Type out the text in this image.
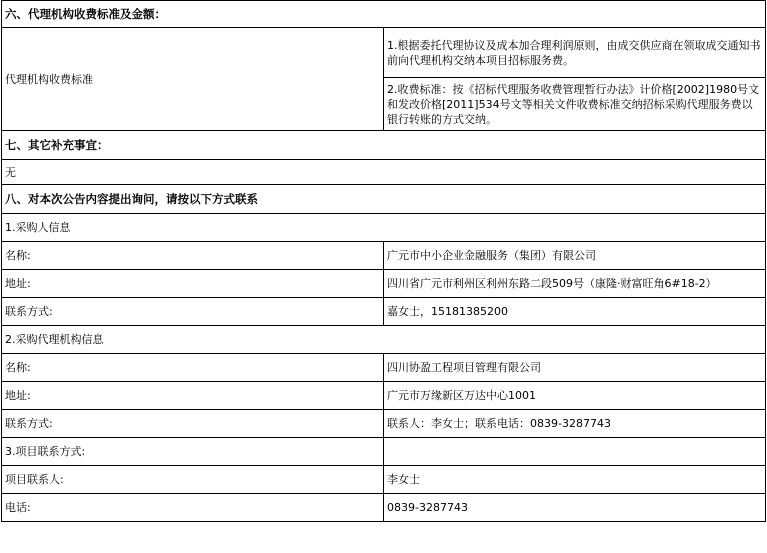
六、代理机构收费标准及金额：	
代理机构收费标准	1.根据委托代理协议及成本加合理利润原则，由成交供应商在领取成交通知书前向代理机构交纳本项目招标服务费。
	2.收费标准：按《招标代理服务收费管理暂行办法》计价格[2002]1980号文和发改价格[2011]534号文等相关文件收费标准交纳招标采购代理服务费以银行转账的方式交纳。
七、其它补充事宜：	
无	
八、对本次公告内容提出询问，请按以下方式联系	
1.采购人信息	
名称:	广元市中小企业金融服务（集团）有限公司
地址:	四川省广元市利州区利州东路二段509号（康隆·财富旺角6#18-2）
联系方式:	嘉女士，15181385200
2.采购代理机构信息	
名称:	四川协盈工程项目管理有限公司
地址:	广元市万缘新区万达中心1001
联系方式:	联系人：李女士；联系电话：0839-3287743
3.项目联系方式:	
项目联系人:	李女士
电话:	0839-3287743
